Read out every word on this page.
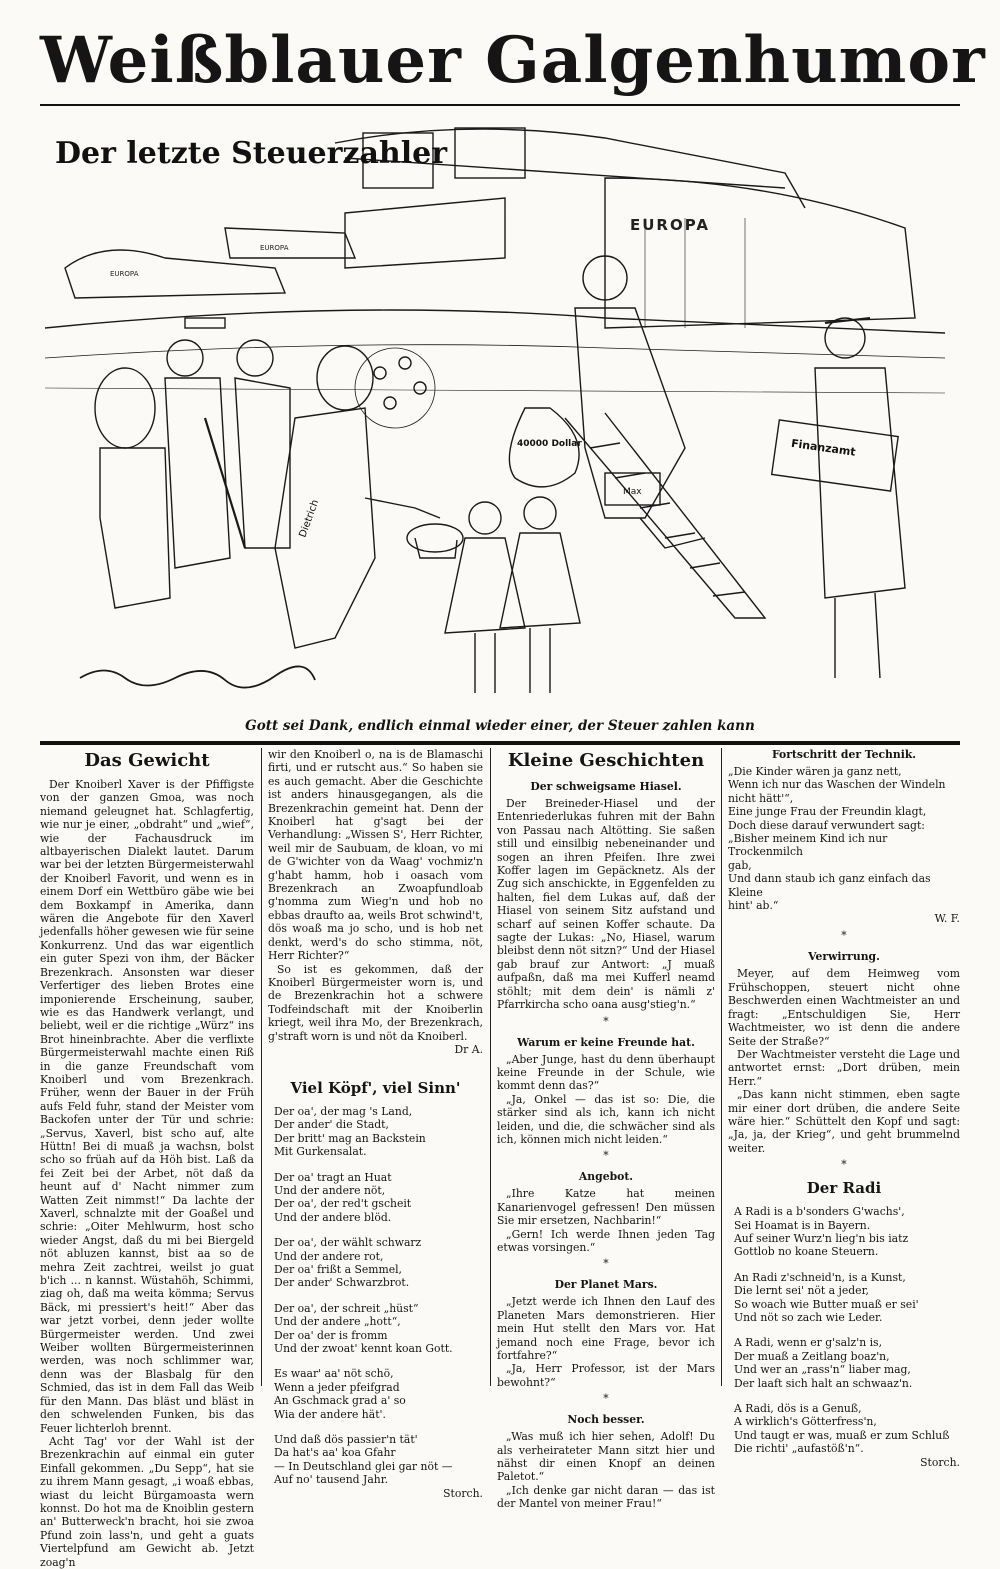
Weißblauer Galgenhumor
Der letzte Steuerzahler
EUROPA
EUROPA
EUROPA
40000 Dollar
Dietrich
Max
Finanzamt
Gott sei Dank, endlich einmal wieder einer, der Steuer zahlen kann
Das Gewicht

Der Knoiberl Xaver is der Pfiffigste von der ganzen Gmoa, was noch niemand geleugnet hat. Schlagfertig, wie nur je einer, „obdraht“ und „wief“, wie der Fachausdruck im altbayerischen Dialekt lautet. Darum war bei der letzten Bürgermeisterwahl der Knoiberl Favorit, und wenn es in einem Dorf ein Wettbüro gäbe wie bei dem Boxkampf in Amerika, dann wären die Angebote für den Xaverl jedenfalls höher gewesen wie für seine Konkurrenz. Und das war eigentlich ein guter Spezi von ihm, der Bäcker Brezenkrach. Ansonsten war dieser Verfertiger des lieben Brotes eine imponierende Erscheinung, sauber, wie es das Handwerk verlangt, und beliebt, weil er die richtige „Würz“ ins Brot hineinbrachte. Aber die verflixte Bürgermeisterwahl machte einen Riß in die ganze Freundschaft vom Knoiberl und vom Brezenkrach. Früher, wenn der Bauer in der Früh aufs Feld fuhr, stand der Meister vom Backofen unter der Tür und schrie: „Servus, Xaverl, bist scho auf, alte Hüttn! Bei di muaß ja wachsn, bolst scho so früah auf da Höh bist. Laß da fei Zeit bei der Arbet, nöt daß da heunt auf d' Nacht nimmer zum Watten Zeit nimmst!“ Da lachte der Xaverl, schnalzte mit der Goaßel und schrie: „Oiter Mehlwurm, host scho wieder Angst, daß du mi bei Biergeld nöt abluzen kannst, bist aa so de mehra Zeit zachtrei, weilst jo guat b'ich ... n kannst. Wüstahöh, Schimmi, ziag oh, daß ma weita kömma; Servus Bäck, mi pressiert's heit!“ Aber das war jetzt vorbei, denn jeder wollte Bürgermeister werden. Und zwei Weiber wollten Bürgermeisterinnen werden, was noch schlimmer war, denn was der Blasbalg für den Schmied, das ist in dem Fall das Weib für den Mann. Das bläst und bläst in den schwelenden Funken, bis das Feuer lichterloh brennt.

Acht Tag' vor der Wahl ist der Brezenkrachin auf einmal ein guter Einfall gekommen. „Du Sepp“, hat sie zu ihrem Mann gesagt, „i woaß ebbas, wiast du leicht Bürgamoasta wern konnst. Do hot ma de Knoiblin gestern an' Butterweck'n bracht, hoi sie zwoa Pfund zoin lass'n, und geht a guats Viertelpfund am Gewicht ab. Jetzt zoag'n

wir den Knoiberl o, na is de Blamaschi firti, und er rutscht aus.“ So haben sie es auch gemacht. Aber die Geschichte ist anders hinausgegangen, als die Brezenkrachin gemeint hat. Denn der Knoiberl hat g'sagt bei der Verhandlung: „Wissen S', Herr Richter, weil mir de Saubuam, de kloan, vo mi de G'wichter von da Waag' vochmiz'n g'habt hamm, hob i oasach vom Brezenkrach an Zwoapfundloab g'nomma zum Wieg'n und hob no ebbas draufto aa, weils Brot schwind't, dös woaß ma jo scho, und is hob net denkt, werd's do scho stimma, nöt, Herr Richter?“

So ist es gekommen, daß der Knoiberl Bürgermeister worn is, und de Brezenkrachin hot a schwere Todfeindschaft mit der Knoiberlin kriegt, weil ihra Mo, der Brezenkrach, g'straft worn is und nöt da Knoiberl.

Dr A.
Viel Köpf', viel Sinn'
Der oa', der mag 's Land,
Der ander' die Stadt,
Der britt' mag an Backstein
Mit Gurkensalat.
Der oa' tragt an Huat
Und der andere nöt,
Der oa', der red't gscheit
Und der andere blöd.
Der oa', der wählt schwarz
Und der andere rot,
Der oa' frißt a Semmel,
Der ander' Schwarzbrot.
Der oa', der schreit „hüst“
Und der andere „hott“,
Der oa' der is fromm
Und der zwoat' kennt koan Gott.
Es waar' aa' nöt schö,
Wenn a jeder pfeifgrad
An Gschmack grad a' so
Wia der andere hät'.
Und daß dös passier'n tät'
Da hat's aa' koa Gfahr
— In Deutschland glei gar nöt —
Auf no' tausend Jahr.
Storch.
Kleine Geschichten
Der schweigsame Hiasel.

Der Breineder-Hiasel und der Entenriederlukas fuhren mit der Bahn von Passau nach Altötting. Sie saßen still und einsilbig nebeneinander und sogen an ihren Pfeifen. Ihre zwei Koffer lagen im Gepäcknetz. Als der Zug sich anschickte, in Eggenfelden zu halten, fiel dem Lukas auf, daß der Hiasel von seinem Sitz aufstand und scharf auf seinen Koffer schaute. Da sagte der Lukas: „No, Hiasel, warum bleibst denn nöt sitzn?“ Und der Hiasel gab brauf zur Antwort: „J muaß aufpaßn, daß ma mei Kufferl neamd stöhlt; mit dem dein' is nämli z' Pfarrkircha scho oana ausg'stieg'n.“

*
Warum er keine Freunde hat.

„Aber Junge, hast du denn überhaupt keine Freunde in der Schule, wie kommt denn das?“

„Ja, Onkel — das ist so: Die, die stärker sind als ich, kann ich nicht leiden, und die, die schwächer sind als ich, können mich nicht leiden.“

*
Angebot.

„Ihre Katze hat meinen Kanarienvogel gefressen! Den müssen Sie mir ersetzen, Nachbarin!“

„Gern! Ich werde Ihnen jeden Tag etwas vorsingen.“

*
Der Planet Mars.

„Jetzt werde ich Ihnen den Lauf des Planeten Mars demonstrieren. Hier mein Hut stellt den Mars vor. Hat jemand noch eine Frage, bevor ich fortfahre?“

„Ja, Herr Professor, ist der Mars bewohnt?“

*
Noch besser.

„Was muß ich hier sehen, Adolf! Du als verheirateter Mann sitzt hier und nähst dir einen Knopf an deinen Paletot.“

„Ich denke gar nicht daran — das ist der Mantel von meiner Frau!“

Fortschritt der Technik.
„Die Kinder wären ja ganz nett,
Wenn ich nur das Waschen der Windeln
nicht hätt'“,
Eine junge Frau der Freundin klagt,
Doch diese darauf verwundert sagt:
„Bisher meinem Kind ich nur Trockenmilch
gab,
Und dann staub ich ganz einfach das Kleine
hint' ab.“
W. F.
*
Verwirrung.

Meyer, auf dem Heimweg vom Frühschoppen, steuert nicht ohne Beschwerden einen Wachtmeister an und fragt: „Entschuldigen Sie, Herr Wachtmeister, wo ist denn die andere Seite der Straße?“

Der Wachtmeister versteht die Lage und antwortet ernst: „Dort drüben, mein Herr.“

„Das kann nicht stimmen, eben sagte mir einer dort drüben, die andere Seite wäre hier.“ Schüttelt den Kopf und sagt: „Ja, ja, der Krieg“, und geht brummelnd weiter.

*
Der Radi
A Radi is a b'sonders G'wachs',
Sei Hoamat is in Bayern.
Auf seiner Wurz'n lieg'n bis iatz
Gottlob no koane Steuern.
An Radi z'schneid'n, is a Kunst,
Die lernt sei' nöt a jeder,
So woach wie Butter muaß er sei'
Und nöt so zach wie Leder.
A Radi, wenn er g'salz'n is,
Der muaß a Zeitlang boaz'n,
Und wer an „rass'n“ liaber mag,
Der laaft sich halt an schwaaz'n.
A Radi, dös is a Genuß,
A wirklich's Götterfress'n,
Und taugt er was, muaß er zum Schluß
Die richti' „aufastöß'n“.
Storch.
